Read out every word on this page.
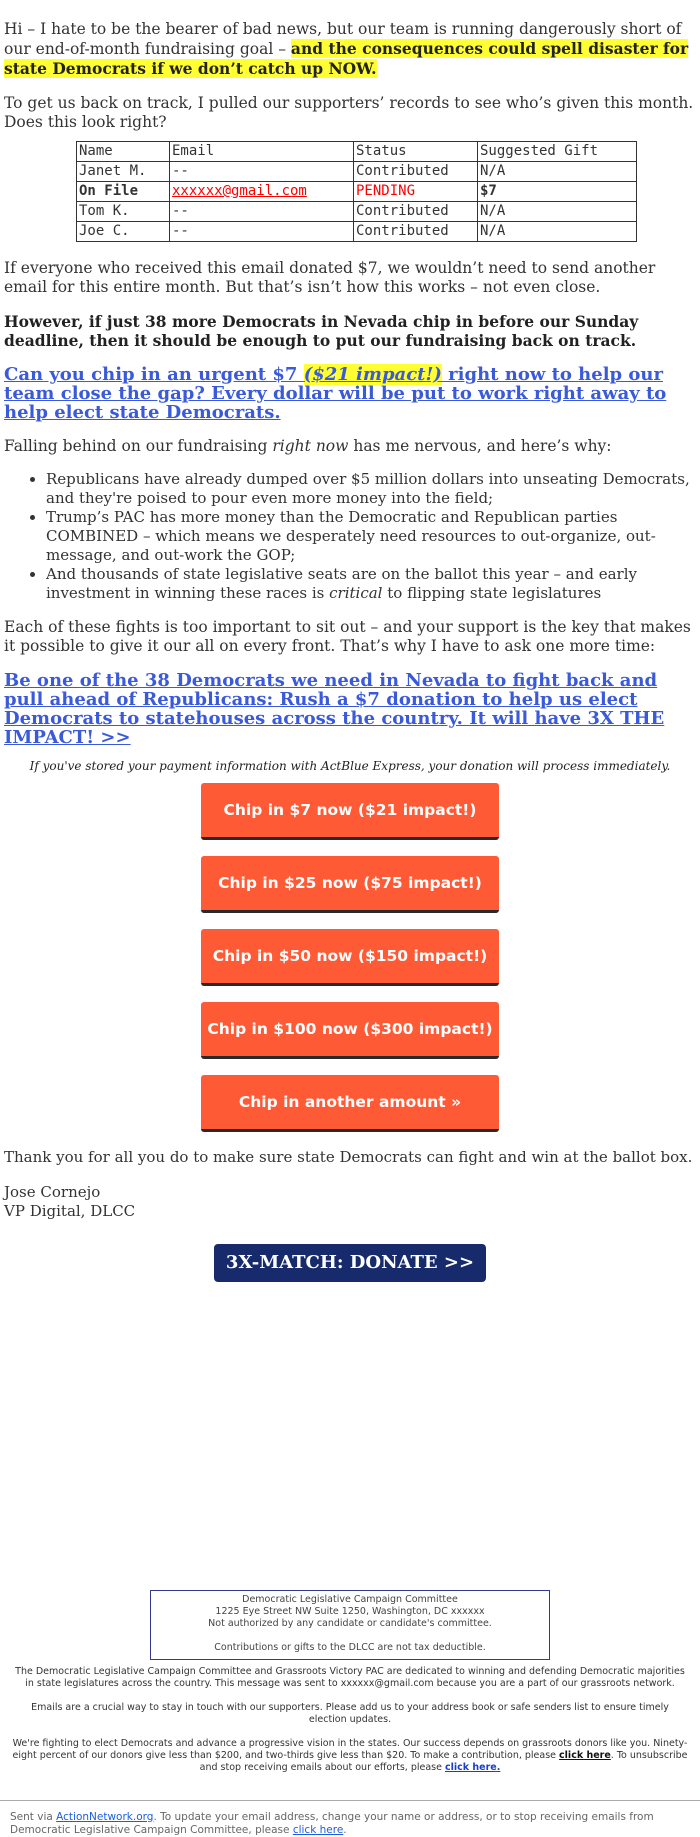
Hi – I hate to be the bearer of bad news, but our team is running dangerously short of our end-of-month fundraising goal – and the consequences could spell disaster for state Democrats if we don’t catch up NOW.

To get us back on track, I pulled our supporters’ records to see who’s given this month. Does this look right?

Name	Email	Status	Suggested Gift
Janet M.	--	Contributed	N/A
On File	xxxxxx@gmail.com	PENDING	$7
Tom K.	--	Contributed	N/A
Joe C.	--	Contributed	N/A

If everyone who received this email donated $7, we wouldn’t need to send another email for this entire month. But that’s isn’t how this works – not even close.

However, if just 38 more Democrats in Nevada chip in before our Sunday deadline, then it should be enough to put our fundraising back on track.

Can you chip in an urgent $7 ($21 impact!) right now to help our team close the gap? Every dollar will be put to work right away to help elect state Democrats.

Falling behind on our fundraising right now has me nervous, and here’s why:

• Republicans have already dumped over $5 million dollars into unseating Democrats, and they're poised to pour even more money into the field;
• Trump’s PAC has more money than the Democratic and Republican parties COMBINED – which means we desperately need resources to out-organize, out-message, and out-work the GOP;
• And thousands of state legislative seats are on the ballot this year – and early investment in winning these races is critical to flipping state legislatures

Each of these fights is too important to sit out – and your support is the key that makes it possible to give it our all on every front. That’s why I have to ask one more time:

Be one of the 38 Democrats we need in Nevada to fight back and pull ahead of Republicans: Rush a $7 donation to help us elect Democrats to statehouses across the country. It will have 3X THE IMPACT! >>

If you've stored your payment information with ActBlue Express, your donation will process immediately.

Chip in $7 now ($21 impact!)
Chip in $25 now ($75 impact!)
Chip in $50 now ($150 impact!)
Chip in $100 now ($300 impact!)
Chip in another amount »

Thank you for all you do to make sure state Democrats can fight and win at the ballot box.

Jose Cornejo
VP Digital, DLCC
3X-MATCH: DONATE >>
Democratic Legislative Campaign Committee
1225 Eye Street NW Suite 1250, Washington, DC xxxxxx
Not authorized by any candidate or candidate's committee.
Contributions or gifts to the DLCC are not tax deductible.

The Democratic Legislative Campaign Committee and Grassroots Victory PAC are dedicated to winning and defending Democratic majorities in state legislatures across the country. This message was sent to xxxxxx@gmail.com because you are a part of our grassroots network.

Emails are a crucial way to stay in touch with our supporters. Please add us to your address book or safe senders list to ensure timely election updates.

We're fighting to elect Democrats and advance a progressive vision in the states. Our success depends on grassroots donors like you. Ninety-eight percent of our donors give less than $200, and two-thirds give less than $20. To make a contribution, please click here. To unsubscribe and stop receiving emails about our efforts, please click here.

Sent via ActionNetwork.org. To update your email address, change your name or address, or to stop receiving emails from Democratic Legislative Campaign Committee, please click here.
